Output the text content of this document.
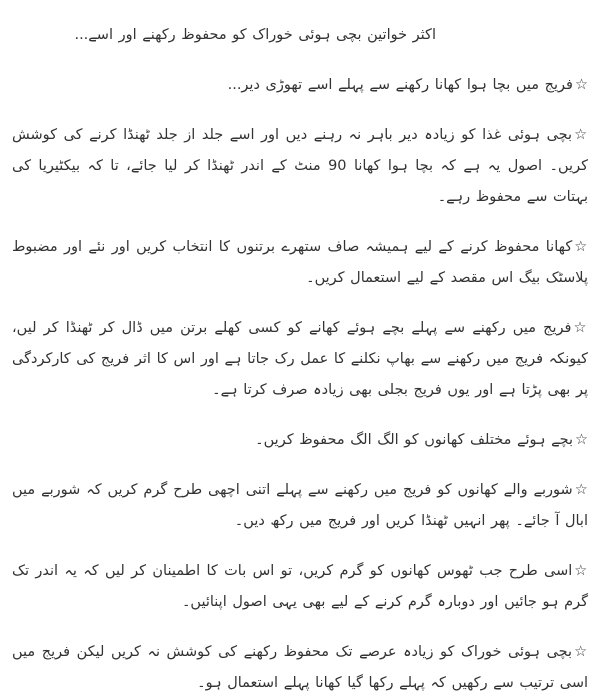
اکثر خواتین بچی ہوئی خوراک کو محفوظ رکھنے اور اسے...

☆فریج میں بچا ہوا کھانا رکھنے سے پہلے اسے تھوڑی دیر...

☆بچی ہوئی غذا کو زیادہ دیر باہر نہ رہنے دیں اور اسے جلد از جلد ٹھنڈا کرنے کی کوشش کریں۔ اصول یہ ہے کہ بچا ہوا کھانا 90 منٹ کے اندر ٹھنڈا کر لیا جائے، تا کہ بیکٹیریا کی بہتات سے محفوظ رہے۔

☆کھانا محفوظ کرنے کے لیے ہمیشہ صاف ستھرے برتنوں کا انتخاب کریں اور نئے اور مضبوط پلاسٹک بیگ اس مقصد کے لیے استعمال کریں۔

☆فریج میں رکھنے سے پہلے بچے ہوئے کھانے کو کسی کھلے برتن میں ڈال کر ٹھنڈا کر لیں، کیونکہ فریج میں رکھنے سے بھاپ نکلنے کا عمل رک جاتا ہے اور اس کا اثر فریج کی کارکردگی پر بھی پڑتا ہے اور یوں فریج بجلی بھی زیادہ صرف کرتا ہے۔

☆بچے ہوئے مختلف کھانوں کو الگ الگ محفوظ کریں۔

☆شوربے والے کھانوں کو فریج میں رکھنے سے پہلے اتنی اچھی طرح گرم کریں کہ شوربے میں ابال آ جائے۔ پھر انہیں ٹھنڈا کریں اور فریج میں رکھ دیں۔

☆اسی طرح جب ٹھوس کھانوں کو گرم کریں، تو اس بات کا اطمینان کر لیں کہ یہ اندر تک گرم ہو جائیں اور دوبارہ گرم کرنے کے لیے بھی یہی اصول اپنائیں۔

☆بچی ہوئی خوراک کو زیادہ عرصے تک محفوظ رکھنے کی کوشش نہ کریں لیکن فریج میں اسی ترتیب سے رکھیں کہ پہلے رکھا گیا کھانا پہلے استعمال ہو۔
